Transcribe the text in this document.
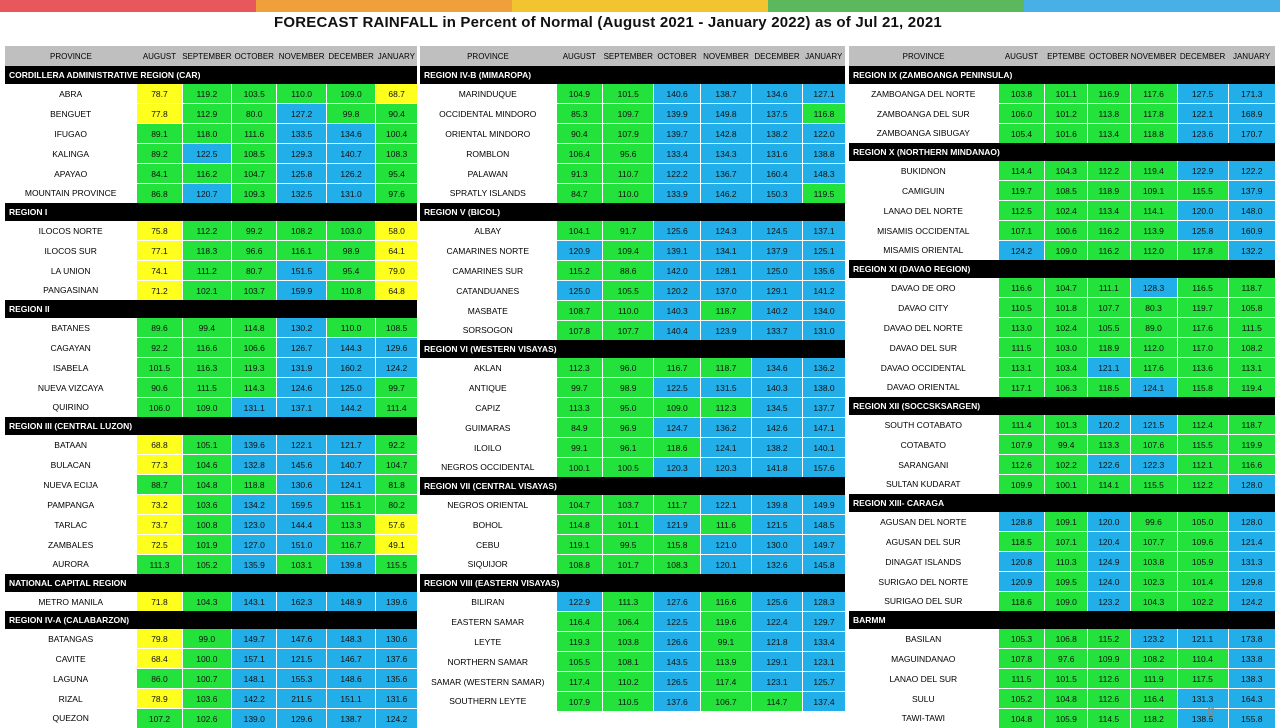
FORECAST RAINFALL in Percent of Normal (August 2021 - January 2022) as of Jul 21, 2021
PROVINCE	AUGUST	SEPTEMBER	OCTOBER	NOVEMBER	DECEMBER	JANUARY
CORDILLERA ADMINISTRATIVE REGION (CAR)						
ABRA	78.7	119.2	103.5	110.0	109.0	68.7
BENGUET	77.8	112.9	80.0	127.2	99.8	90.4
IFUGAO	89.1	118.0	111.6	133.5	134.6	100.4
KALINGA	89.2	122.5	108.5	129.3	140.7	108.3
APAYAO	84.1	116.2	104.7	125.8	126.2	95.4
MOUNTAIN PROVINCE	86.8	120.7	109.3	132.5	131.0	97.6
REGION I						
ILOCOS NORTE	75.8	112.2	99.2	108.2	103.0	58.0
ILOCOS SUR	77.1	118.3	96.6	116.1	98.9	64.1
LA UNION	74.1	111.2	80.7	151.5	95.4	79.0
PANGASINAN	71.2	102.1	103.7	159.9	110.8	64.8
REGION II						
BATANES	89.6	99.4	114.8	130.2	110.0	108.5
CAGAYAN	92.2	116.6	106.6	126.7	144.3	129.6
ISABELA	101.5	116.3	119.3	131.9	160.2	124.2
NUEVA VIZCAYA	90.6	111.5	114.3	124.6	125.0	99.7
QUIRINO	106.0	109.0	131.1	137.1	144.2	111.4
REGION III (CENTRAL LUZON)						
BATAAN	68.8	105.1	139.6	122.1	121.7	92.2
BULACAN	77.3	104.6	132.8	145.6	140.7	104.7
NUEVA ECIJA	88.7	104.8	118.8	130.6	124.1	81.8
PAMPANGA	73.2	103.6	134.2	159.5	115.1	80.2
TARLAC	73.7	100.8	123.0	144.4	113.3	57.6
ZAMBALES	72.5	101.9	127.0	151.0	116.7	49.1
AURORA	111.3	105.2	135.9	103.1	139.8	115.5
NATIONAL CAPITAL REGION						
METRO MANILA	71.8	104.3	143.1	162.3	148.9	139.6
REGION IV-A (CALABARZON)						
BATANGAS	79.8	99.0	149.7	147.6	148.3	130.6
CAVITE	68.4	100.0	157.1	121.5	146.7	137.6
LAGUNA	86.0	100.7	148.1	155.3	148.6	135.6
RIZAL	78.9	103.6	142.2	211.5	151.1	131.6
QUEZON	107.2	102.6	139.0	129.6	138.7	124.2
PROVINCE	AUGUST	SEPTEMBER	OCTOBER	NOVEMBER	DECEMBER	JANUARY
REGION IV-B (MIMAROPA)						
MARINDUQUE	104.9	101.5	140.6	138.7	134.6	127.1
OCCIDENTAL MINDORO	85.3	109.7	139.9	149.8	137.5	116.8
ORIENTAL MINDORO	90.4	107.9	139.7	142.8	138.2	122.0
ROMBLON	106.4	95.6	133.4	134.3	131.6	138.8
PALAWAN	91.3	110.7	122.2	136.7	160.4	148.3
SPRATLY ISLANDS	84.7	110.0	133.9	146.2	150.3	119.5
REGION V (BICOL)						
ALBAY	104.1	91.7	125.6	124.3	124.5	137.1
CAMARINES NORTE	120.9	109.4	139.1	134.1	137.9	125.1
CAMARINES SUR	115.2	88.6	142.0	128.1	125.0	135.6
CATANDUANES	125.0	105.5	120.2	137.0	129.1	141.2
MASBATE	108.7	110.0	140.3	118.7	140.2	134.0
SORSOGON	107.8	107.7	140.4	123.9	133.7	131.0
REGION VI (WESTERN VISAYAS)						
AKLAN	112.3	96.0	116.7	118.7	134.6	136.2
ANTIQUE	99.7	98.9	122.5	131.5	140.3	138.0
CAPIZ	113.3	95.0	109.0	112.3	134.5	137.7
GUIMARAS	84.9	96.9	124.7	136.2	142.6	147.1
ILOILO	99.1	96.1	118.6	124.1	138.2	140.1
NEGROS OCCIDENTAL	100.1	100.5	120.3	120.3	141.8	157.6
REGION VII (CENTRAL VISAYAS)						
NEGROS ORIENTAL	104.7	103.7	111.7	122.1	139.8	149.9
BOHOL	114.8	101.1	121.9	111.6	121.5	148.5
CEBU	119.1	99.5	115.8	121.0	130.0	149.7
SIQUIJOR	108.8	101.7	108.3	120.1	132.6	145.8
REGION VIII (EASTERN VISAYAS)						
BILIRAN	122.9	111.3	127.6	116.6	125.6	128.3
EASTERN SAMAR	116.4	106.4	122.5	119.6	122.4	129.7
LEYTE	119.3	103.8	126.6	99.1	121.8	133.4
NORTHERN SAMAR	105.5	108.1	143.5	113.9	129.1	123.1
SAMAR (WESTERN SAMAR)	117.4	110.2	126.5	117.4	123.1	125.7
SOUTHERN LEYTE	107.9	110.5	137.6	106.7	114.7	137.4
PROVINCE	AUGUST	EPTEMBE	OCTOBER	NOVEMBER	DECEMBER	JANUARY
REGION IX (ZAMBOANGA PENINSULA)						
ZAMBOANGA DEL NORTE	103.8	101.1	116.9	117.6	127.5	171.3
ZAMBOANGA DEL SUR	106.0	101.2	113.8	117.8	122.1	168.9
ZAMBOANGA SIBUGAY	105.4	101.6	113.4	118.8	123.6	170.7
REGION X (NORTHERN MINDANAO)						
BUKIDNON	114.4	104.3	112.2	119.4	122.9	122.2
CAMIGUIN	119.7	108.5	118.9	109.1	115.5	137.9
LANAO DEL NORTE	112.5	102.4	113.4	114.1	120.0	148.0
MISAMIS OCCIDENTAL	107.1	100.6	116.2	113.9	125.8	160.9
MISAMIS ORIENTAL	124.2	109.0	116.2	112.0	117.8	132.2
REGION XI (DAVAO REGION)						
DAVAO DE ORO	116.6	104.7	111.1	128.3	116.5	118.7
DAVAO CITY	110.5	101.8	107.7	80.3	119.7	105.8
DAVAO DEL NORTE	113.0	102.4	105.5	89.0	117.6	111.5
DAVAO DEL SUR	111.5	103.0	118.9	112.0	117.0	108.2
DAVAO OCCIDENTAL	113.1	103.4	121.1	117.6	113.6	113.1
DAVAO ORIENTAL	117.1	106.3	118.5	124.1	115.8	119.4
REGION XII (SOCCSKSARGEN)						
SOUTH COTABATO	111.4	101.3	120.2	121.5	112.4	118.7
COTABATO	107.9	99.4	113.3	107.6	115.5	119.9
SARANGANI	112.6	102.2	122.6	122.3	112.1	116.6
SULTAN KUDARAT	109.9	100.1	114.1	115.5	112.2	128.0
REGION XIII- CARAGA						
AGUSAN DEL NORTE	128.8	109.1	120.0	99.6	105.0	128.0
AGUSAN DEL SUR	118.5	107.1	120.4	107.7	109.6	121.4
DINAGAT ISLANDS	120.8	110.3	124.9	103.8	105.9	131.3
SURIGAO DEL NORTE	120.9	109.5	124.0	102.3	101.4	129.8
SURIGAO DEL SUR	118.6	109.0	123.2	104.3	102.2	124.2
BARMM						
BASILAN	105.3	106.8	115.2	123.2	121.1	173.8
MAGUINDANAO	107.8	97.6	109.9	108.2	110.4	133.8
LANAO DEL SUR	111.5	101.5	112.6	111.9	117.5	138.3
SULU	105.2	104.8	112.6	116.4	131.3	164.3
TAWI-TAWI	104.8	105.9	114.5	118.2	138.5	155.8
g
